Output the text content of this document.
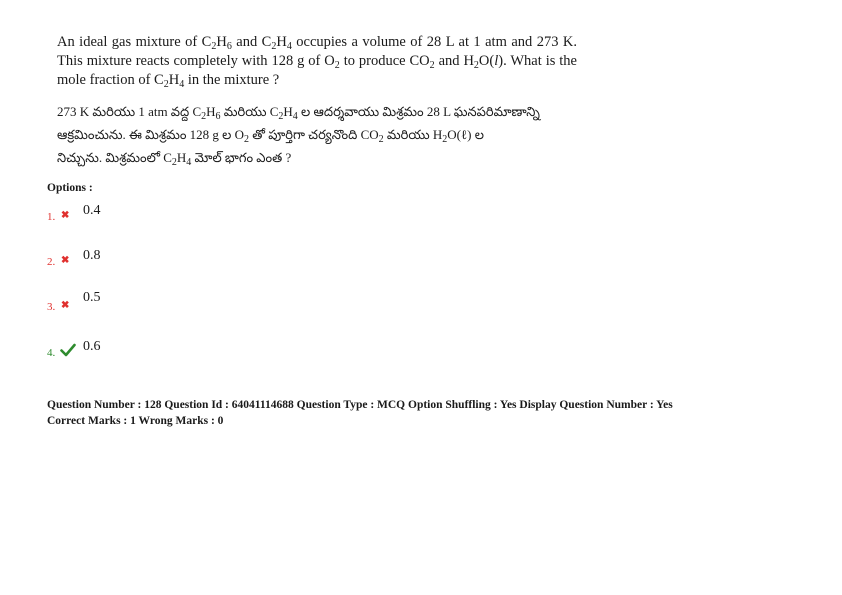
An ideal gas mixture of $C_2H_6$ and $C_2H_4$ occupies a volume of 28 L at 1 atm and 273 K. This mixture reacts completely with 128 g of $O_2$ to produce $CO_2$ and $H_2O(l)$. What is the mole fraction of $C_2H_4$ in the mixture ?
273 K మరియు 1 atm వద్ద $C_2H_6$ మరియు $C_2H_4$ ల ఆదర్శవాయు మిశ్రమం 28 L ఘనపరిమాణాన్ని
ఆక్రమించును. ఈ మిశ్రమం 128 g ల $O_2$ తో పూర్తిగా చర్యనొంది $CO_2$ మరియు $H_2O(\ell)$ ల
నిచ్చును. మిశ్రమంలో $C_2H_4$ మోల్ భాగం ఎంత ?
Options :
1. ✖ 0.4
2. ✖ 0.8
3. ✖
0.5
4. 0.6
Question Number : 128 Question Id : 64041114688 Question Type : MCQ Option Shuffling : Yes Display Question Number : Yes
Correct Marks : 1 Wrong Marks : 0
